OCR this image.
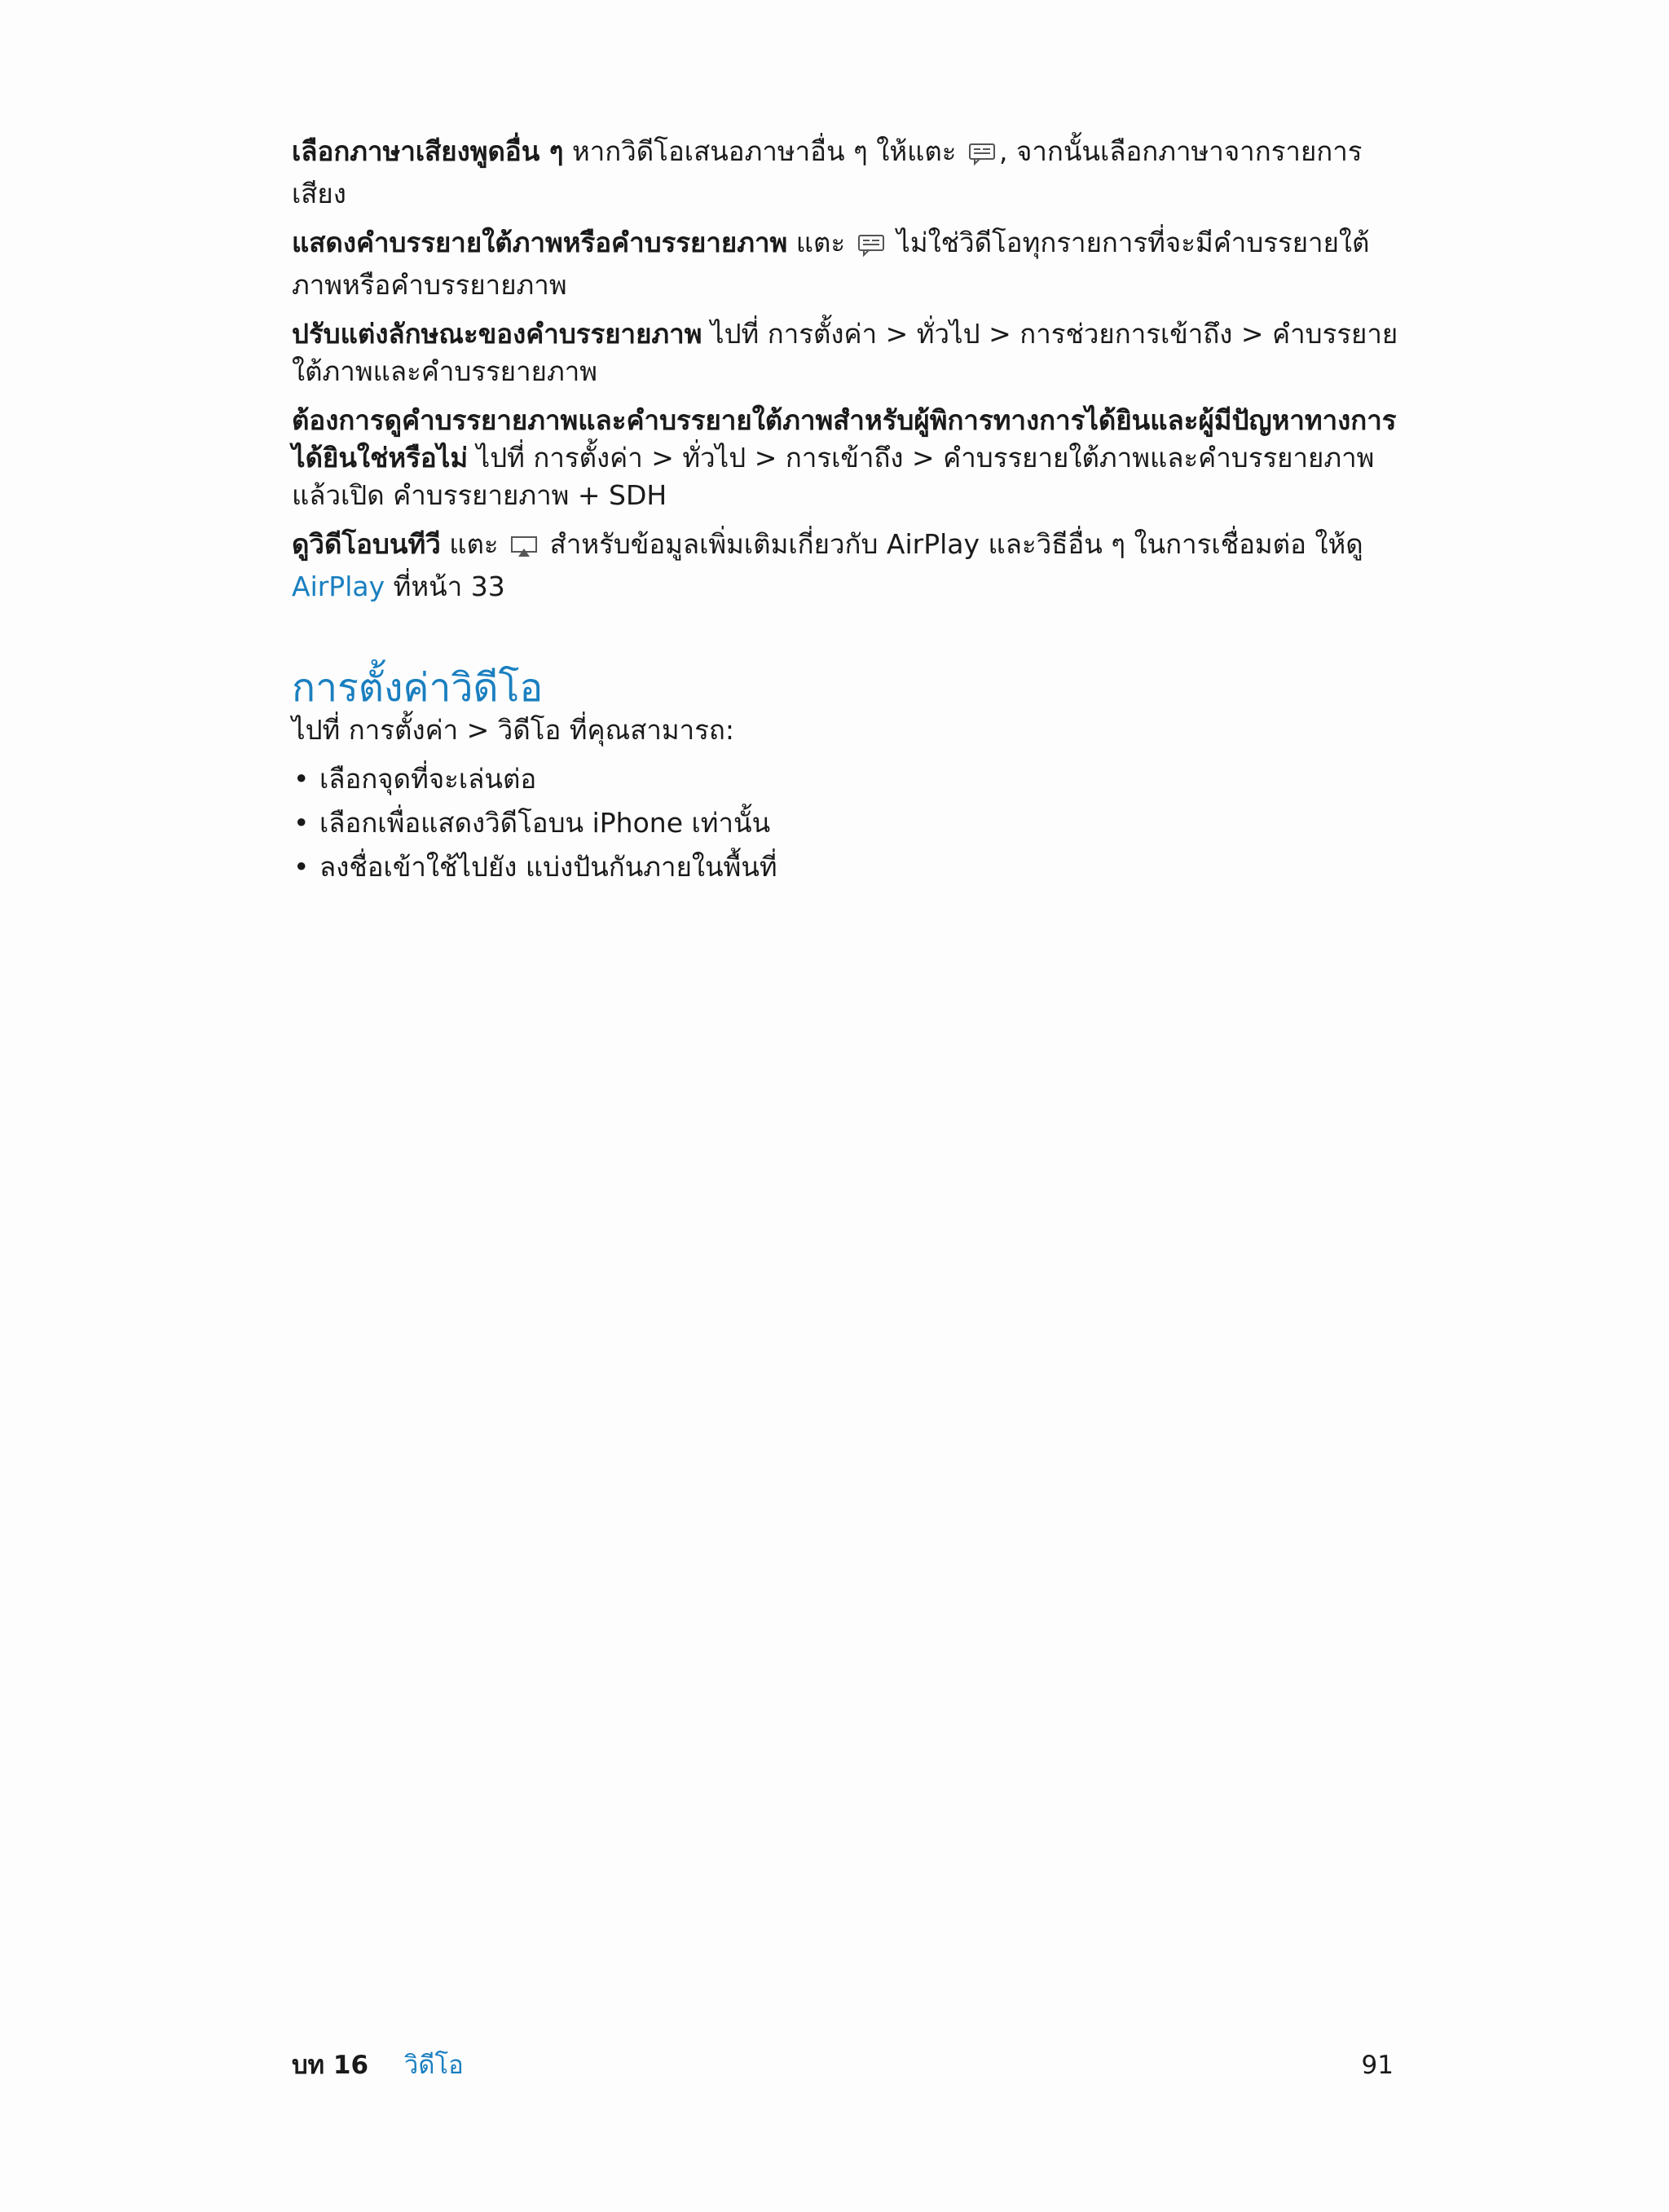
เลือกภาษาเสียงพูดอื่น ๆ หากวิดีโอเสนอภาษาอื่น ๆ ให้แตะ , จากนั้นเลือกภาษาจากรายการ เสียง

แสดงคำบรรยายใต้ภาพหรือคำบรรยายภาพ แตะ ไม่ใช่วิดีโอทุกรายการที่จะมีคำบรรยายใต้ภาพหรือคำบรรยายภาพ

ปรับแต่งลักษณะของคำบรรยายภาพ ไปที่ การตั้งค่า > ทั่วไป > การช่วยการเข้าถึง > คำบรรยายใต้ภาพและคำบรรยายภาพ

ต้องการดูคำบรรยายภาพและคำบรรยายใต้ภาพสำหรับผู้พิการทางการได้ยินและผู้มีปัญหาทางการได้ยินใช่หรือไม่ ไปที่ การตั้งค่า > ทั่วไป > การเข้าถึง > คำบรรยายใต้ภาพและคำบรรยายภาพ แล้วเปิด คำบรรยายภาพ + SDH

ดูวิดีโอบนทีวี แตะ สำหรับข้อมูลเพิ่มเติมเกี่ยวกับ AirPlay และวิธีอื่น ๆ ในการเชื่อมต่อ ให้ดู AirPlay ที่หน้า 33

การตั้งค่าวิดีโอ

ไปที่ การตั้งค่า > วิดีโอ ที่คุณสามารถ:

• เลือกจุดที่จะเล่นต่อ
• เลือกเพื่อแสดงวิดีโอบน iPhone เท่านั้น
• ลงชื่อเข้าใช้ไปยัง แบ่งปันกันภายในพื้นที่
บท 16 วิดีโอ	91
